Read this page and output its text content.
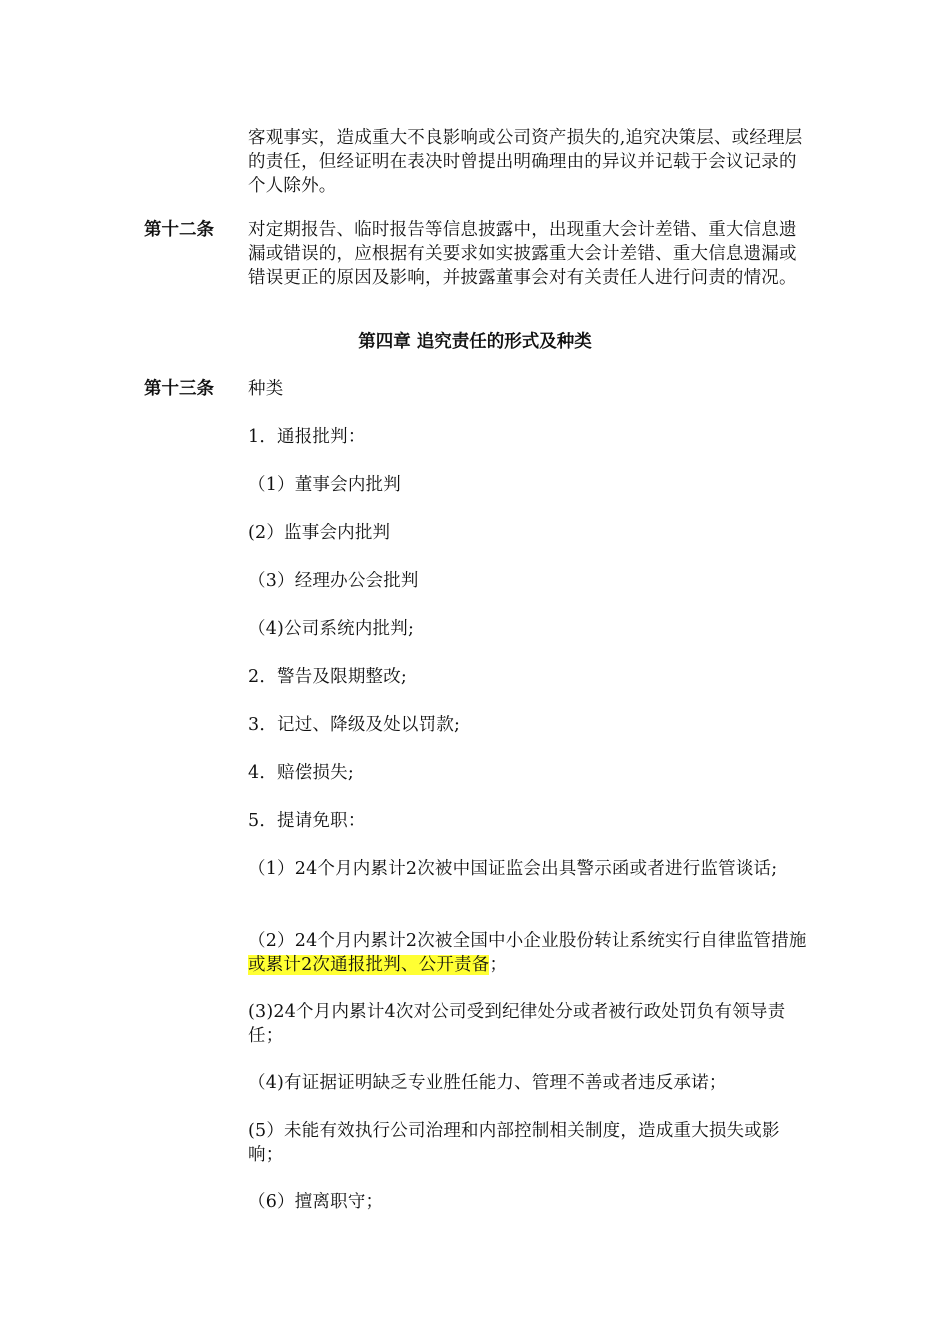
客观事实，造成重大不良影响或公司资产损失的,追究决策层、或经理层的责任，但经证明在表决时曾提出明确理由的异议并记载于会议记录的个人除外。

第十二条 对定期报告、临时报告等信息披露中，出现重大会计差错、重大信息遗漏或错误的，应根据有关要求如实披露重大会计差错、重大信息遗漏或错误更正的原因及影响，并披露董事会对有关责任人进行问责的情况。

第四章 追究责任的形式及种类
第十三条 种类

1．通报批判：

（1）董事会内批判

(2）监事会内批判

（3）经理办公会批判

（4)公司系统内批判;

2．警告及限期整改;

3．记过、降级及处以罚款;

4．赔偿损失;

5．提请免职：

（1）24个月内累计2次被中国证监会出具警示函或者进行监管谈话;

（2）24个月内累计2次被全国中小企业股份转让系统实行自律监管措施或累计2次通报批判、公开责备；

(3)24个月内累计4次对公司受到纪律处分或者被行政处罚负有领导责任；

（4)有证据证明缺乏专业胜任能力、管理不善或者违反承诺；

(5）未能有效执行公司治理和内部控制相关制度，造成重大损失或影响；

（6）擅离职守；
